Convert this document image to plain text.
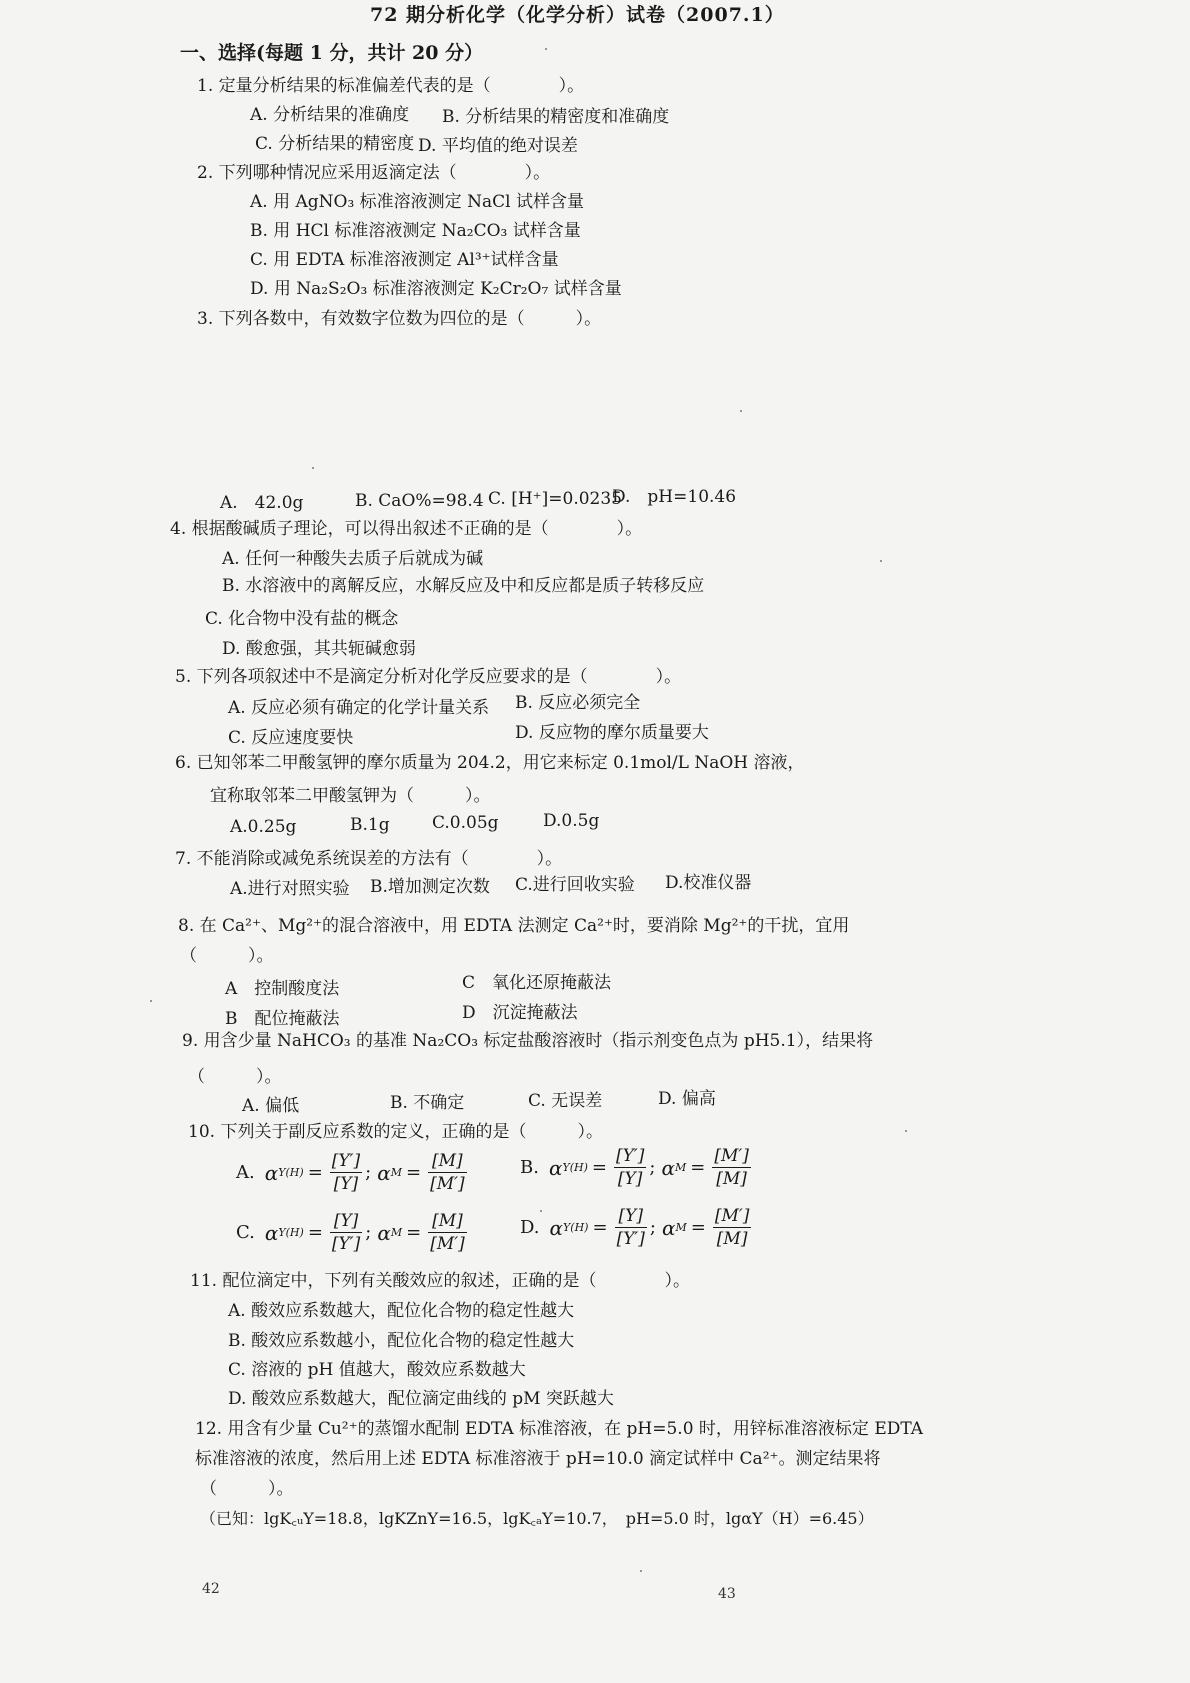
72 期分析化学（化学分析）试卷（2007.1）
一、选择(每题 1 分，共计 20 分）
1. 定量分析结果的标准偏差代表的是（　　　　）。
A. 分析结果的准确度 B. 分析结果的精密度和准确度
C. 分析结果的精密度 D. 平均值的绝对误差
2. 下列哪种情况应采用返滴定法（　　　　）。
A. 用 AgNO₃ 标准溶液测定 NaCl 试样含量
B. 用 HCl 标准溶液测定 Na₂CO₃ 试样含量
C. 用 EDTA 标准溶液测定 Al³⁺试样含量
D. 用 Na₂S₂O₃ 标准溶液测定 K₂Cr₂O₇ 试样含量
3. 下列各数中，有效数字位数为四位的是（　　　）。
A.　42.0g	B. CaO%=98.4 C. [H⁺]=0.0235
D.　pH=10.46
4. 根据酸碱质子理论，可以得出叙述不正确的是（　　　　）。
A. 任何一种酸失去质子后就成为碱
B. 水溶液中的离解反应，水解反应及中和反应都是质子转移反应
C. 化合物中没有盐的概念
D. 酸愈强，其共轭碱愈弱
5. 下列各项叙述中不是滴定分析对化学反应要求的是（　　　　）。
A. 反应必须有确定的化学计量关系 B. 反应必须完全
C. 反应速度要快	D. 反应物的摩尔质量要大
6. 已知邻苯二甲酸氢钾的摩尔质量为 204.2，用它来标定 0.1mol/L NaOH 溶液，
宜称取邻苯二甲酸氢钾为（　　　）。
A.0.25g	B.1g C.0.05g	D.0.5g
7. 不能消除或减免系统误差的方法有（　　　　）。
A.进行对照实验 B.增加测定次数 C.进行回收实验 D.校准仪器
8. 在 Ca²⁺、Mg²⁺的混合溶液中，用 EDTA 法测定 Ca²⁺时，要消除 Mg²⁺的干扰，宜用
（　　　）。
A　控制酸度法	C　氧化还原掩蔽法
B　配位掩蔽法	D　沉淀掩蔽法
9. 用含少量 NaHCO₃ 的基准 Na₂CO₃ 标定盐酸溶液时（指示剂变色点为 pH5.1），结果将
（　　　）。
A. 偏低	B. 不确定	C. 无误差	D. 偏高
10. 下列关于副反应系数的定义，正确的是（　　　）。
A. α $Y(H) = \frac{[Y']}{[Y]}$ ; α $M = \frac{[M]}{[M']}$	B. α $Y(H) = \frac{[Y']}{[Y]}$ ; α $M = \frac{[M']}{[M]}$
C. α $Y(H) = \frac{[Y]}{[Y']}$ ; α $M = \frac{[M]}{[M']}$	D. α $Y(H) = \frac{[Y]}{[Y']}$ ; α $M = \frac{[M']}{[M]}$
11. 配位滴定中，下列有关酸效应的叙述，正确的是（　　　　）。
A. 酸效应系数越大，配位化合物的稳定性越大
B. 酸效应系数越小，配位化合物的稳定性越大
C. 溶液的 pH 值越大，酸效应系数越大
D. 酸效应系数越大，配位滴定曲线的 pM 突跃越大
12. 用含有少量 Cu²⁺的蒸馏水配制 EDTA 标准溶液，在 pH=5.0 时，用锌标准溶液标定 EDTA
标准溶液的浓度，然后用上述 EDTA 标准溶液于 pH=10.0 滴定试样中 Ca²⁺。测定结果将
（　　　）。
（已知：lgK꜀ᵤY=18.8，lgKZnY=16.5，lgK꜀ₐY=10.7，　pH=5.0 时，lgαY（H）=6.45）
42	43
